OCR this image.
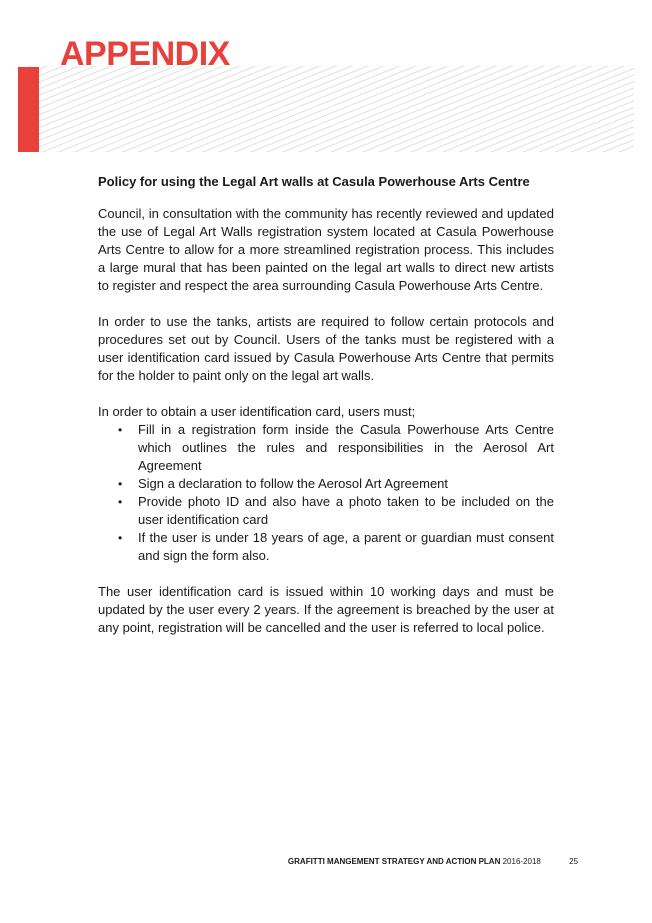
APPENDIX

Policy for using the Legal Art walls at Casula Powerhouse Arts Centre

Council, in consultation with the community has recently reviewed and updated the use of Legal Art Walls registration system located at Casula Powerhouse Arts Centre to allow for a more streamlined registration process. This includes a large mural that has been painted on the legal art walls to direct new artists to register and respect the area surrounding Casula Powerhouse Arts Centre.

In order to use the tanks, artists are required to follow certain protocols and procedures set out by Council. Users of the tanks must be registered with a user identification card issued by Casula Powerhouse Arts Centre that permits for the holder to paint only on the legal art walls.

In order to obtain a user identification card, users must;

• Fill in a registration form inside the Casula Powerhouse Arts Centre which outlines the rules and responsibilities in the Aerosol Art Agreement
• Sign a declaration to follow the Aerosol Art Agreement
• Provide photo ID and also have a photo taken to be included on the user identification card
• If the user is under 18 years of age, a parent or guardian must consent and sign the form also.

The user identification card is issued within 10 working days and must be updated by the user every 2 years. If the agreement is breached by the user at any point, registration will be cancelled and the user is referred to local police.

GRAFITTI MANGEMENT STRATEGY AND ACTION PLAN 2016-2018	25
